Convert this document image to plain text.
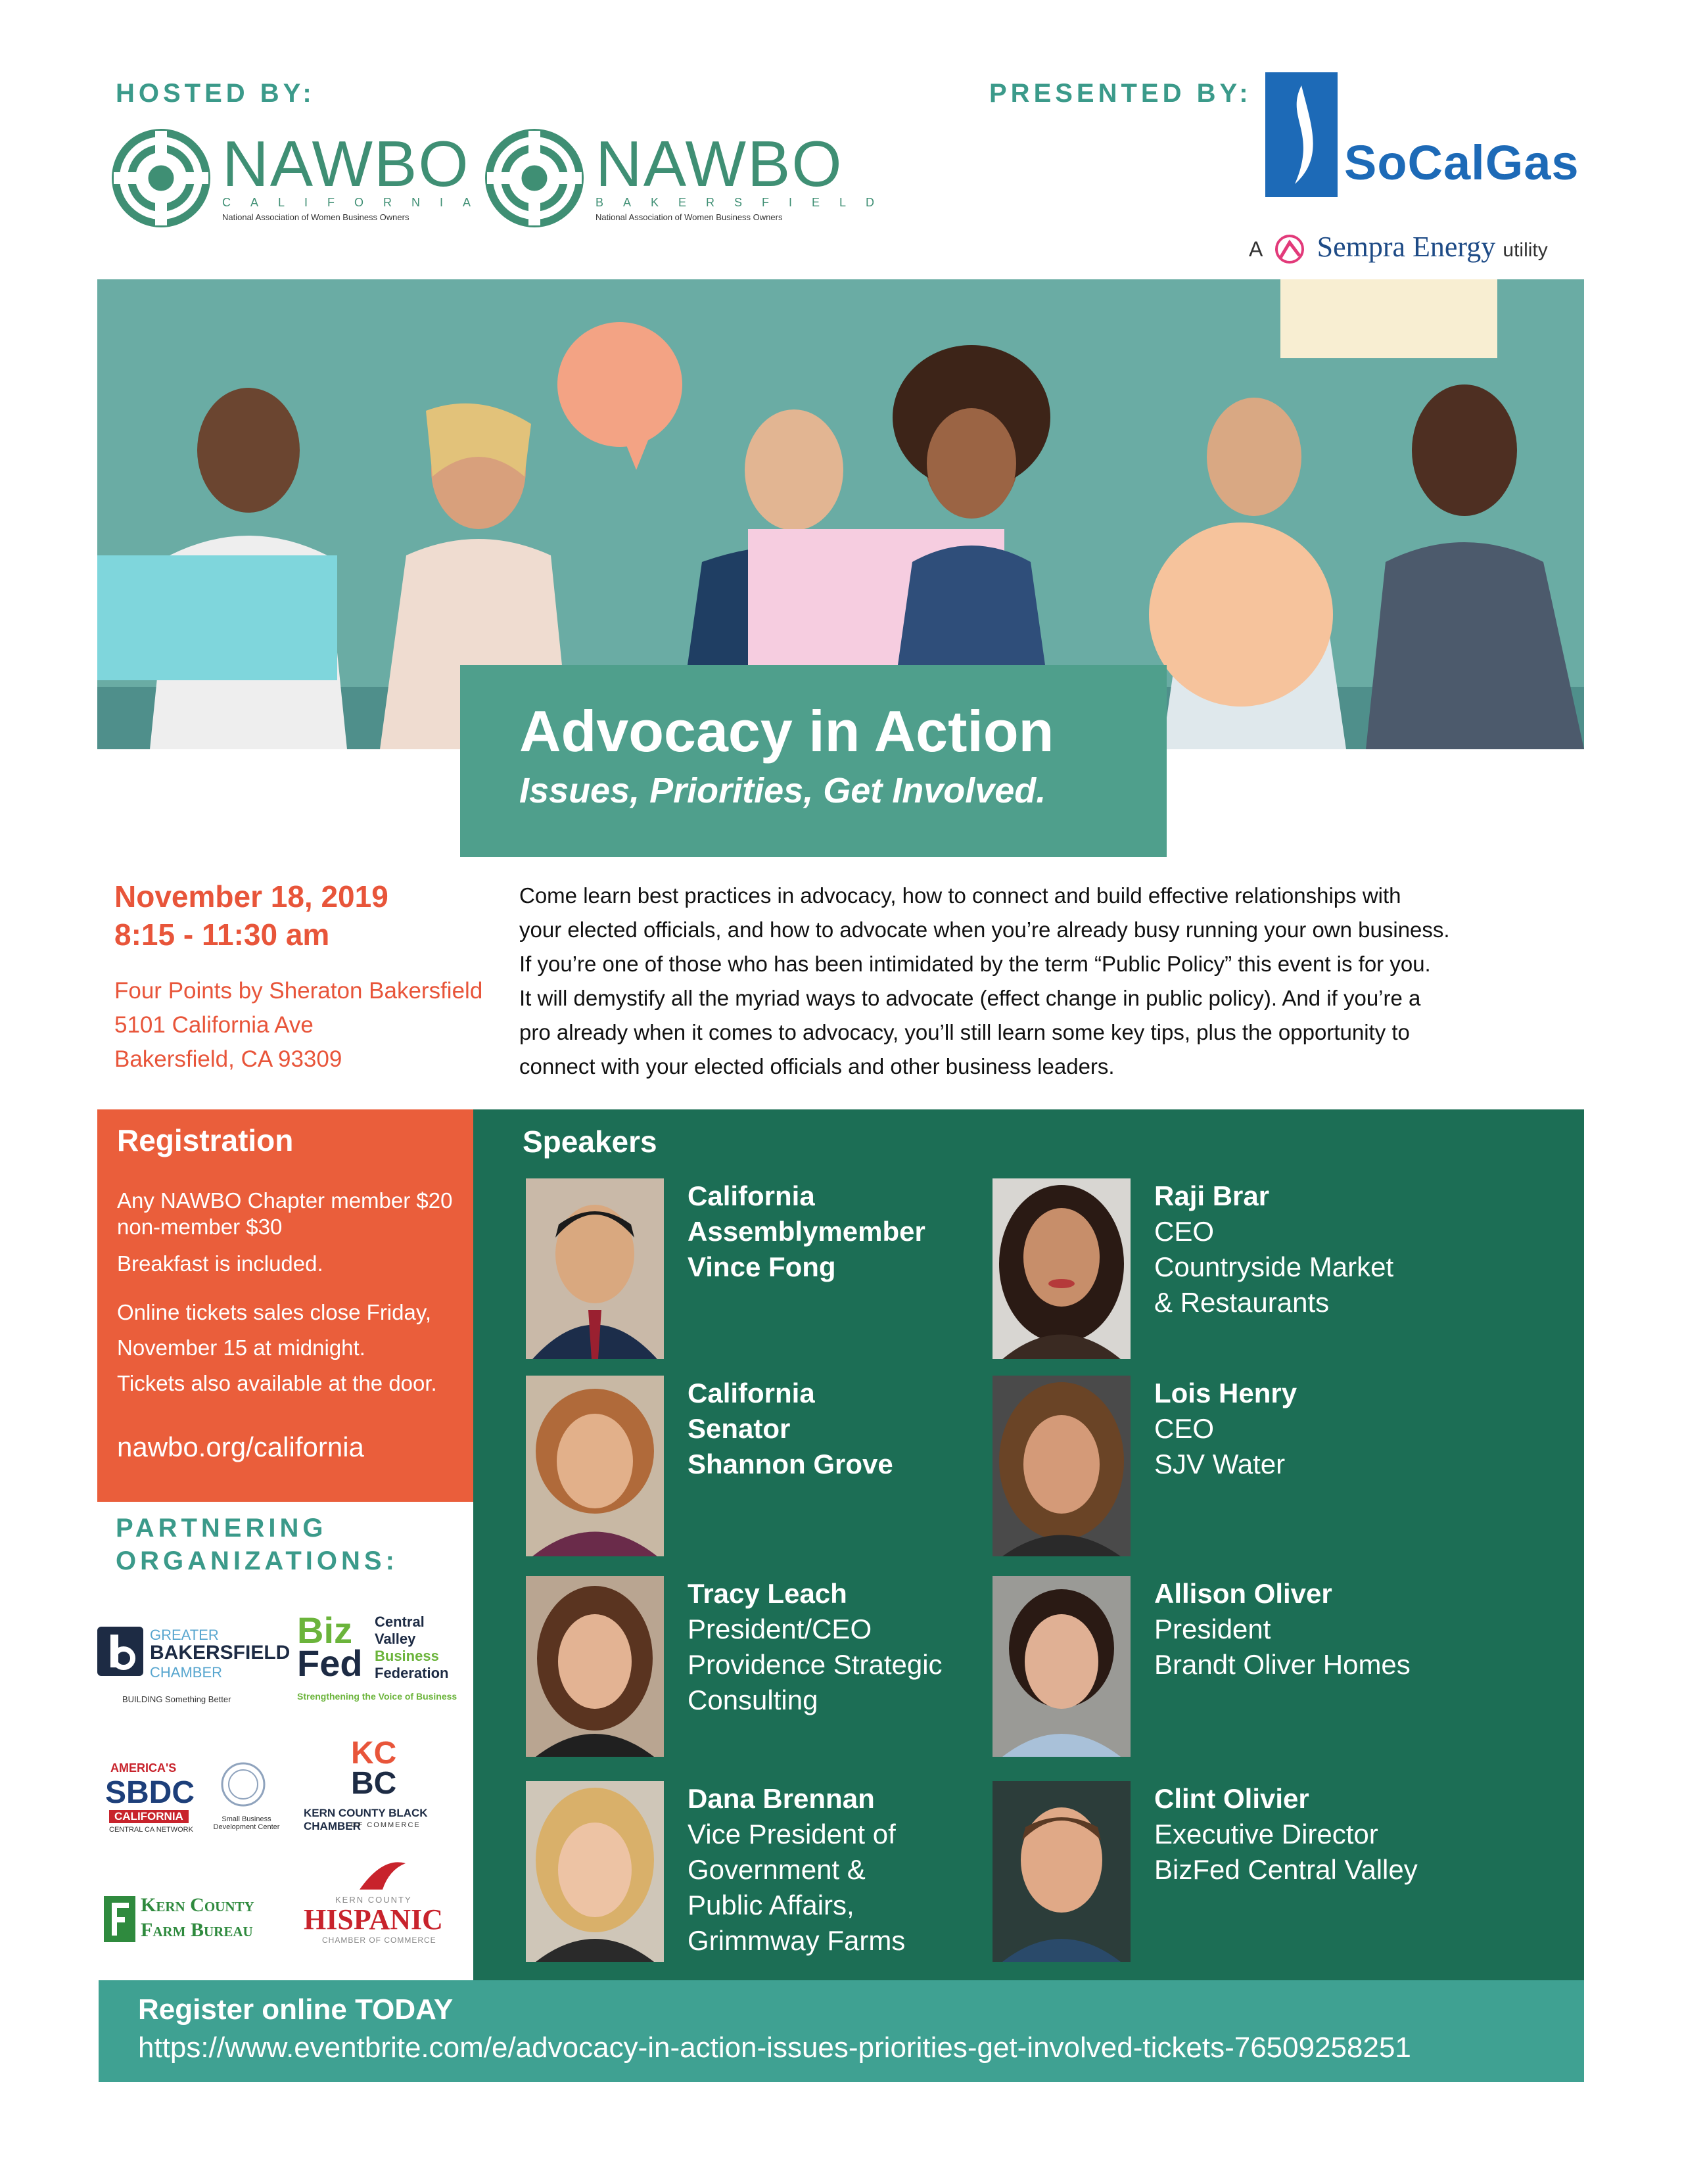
HOSTED BY:	PRESENTED BY:
NAWBO
CALIFORNIA
National Association of Women Business Owners
NAWBO
BAKERSFIELD
National Association of Women Business Owners
SoCalGas
A Sempra Energy utility
Advocacy in Action
Issues, Priorities, Get Involved.
November 18, 2019
8:15 - 11:30 am
Four Points by Sheraton Bakersfield
5101 California Ave
Bakersfield, CA 93309
Come learn best practices in advocacy, how to connect and build effective relationships with
your elected officials, and how to advocate when you’re already busy running your own business.
If you’re one of those who has been intimidated by the term “Public Policy” this event is for you.
It will demystify all the myriad ways to advocate (effect change in public policy). And if you’re a
pro already when it comes to advocacy, you’ll still learn some key tips, plus the opportunity to
connect with your elected officials and other business leaders.
Registration
Any NAWBO Chapter member $20
non-member $30
Breakfast is included.
Online tickets sales close Friday,
November 15 at midnight.
Tickets also available at the door.
nawbo.org/california
PARTNERING
ORGANIZATIONS:
GREATER
BAKERSFIELD
CHAMBER
BUILDING Something Better
Biz
Fed
Central
Valley
Business
Federation
Strengthening the Voice of Business
AMERICA'S
SBDC
CALIFORNIA
CENTRAL CA NETWORK
Small Business Development Center
KC
BC
KERN COUNTY BLACK CHAMBER
OF COMMERCE
Kern County
Farm Bureau
KERN COUNTY
HISPANIC
CHAMBER OF COMMERCE
Speakers
California
Assemblymember
Vince Fong
Raji Brar
CEO
Countryside Market
& Restaurants
California
Senator
Shannon Grove
Lois Henry
CEO
SJV Water
Tracy Leach
President/CEO
Providence Strategic
Consulting
Allison Oliver
President
Brandt Oliver Homes
Dana Brennan
Vice President of
Government &
Public Affairs,
Grimmway Farms
Clint Olivier
Executive Director
BizFed Central Valley
Register online TODAY
https://www.eventbrite.com/e/advocacy-in-action-issues-priorities-get-involved-tickets-76509258251
